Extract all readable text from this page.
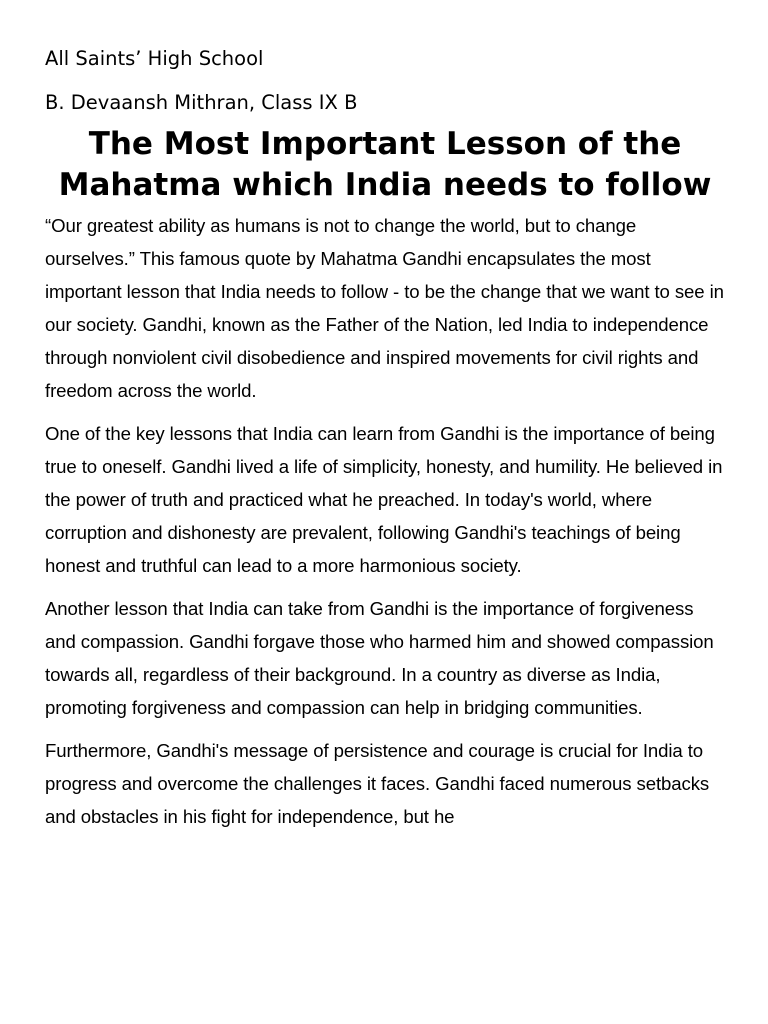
All Saints’ High School

B. Devaansh Mithran, Class IX B

The Most Important Lesson of the Mahatma which India needs to follow

“Our greatest ability as humans is not to change the world, but to change ourselves.” This famous quote by Mahatma Gandhi encapsulates the most important lesson that India needs to follow - to be the change that we want to see in our society. Gandhi, known as the Father of the Nation, led India to independence through nonviolent civil disobedience and inspired movements for civil rights and freedom across the world.

One of the key lessons that India can learn from Gandhi is the importance of being true to oneself. Gandhi lived a life of simplicity, honesty, and humility. He believed in the power of truth and practiced what he preached. In today's world, where corruption and dishonesty are prevalent, following Gandhi's teachings of being honest and truthful can lead to a more harmonious society.

Another lesson that India can take from Gandhi is the importance of forgiveness and compassion. Gandhi forgave those who harmed him and showed compassion towards all, regardless of their background. In a country as diverse as India, promoting forgiveness and compassion can help in bridging communities.

Furthermore, Gandhi's message of persistence and courage is crucial for India to progress and overcome the challenges it faces. Gandhi faced numerous setbacks and obstacles in his fight for independence, but he
